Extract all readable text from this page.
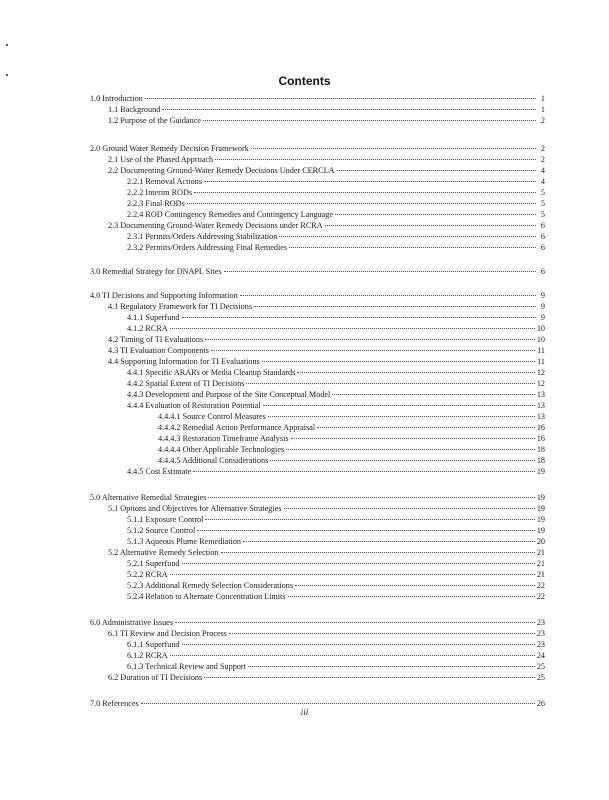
Contents
1.0 Introduction	1
1.1 Background	1
1.2 Purpose of the Guidance	2
2.0 Ground Water Remedy Decision Framework	2
2.1 Use of the Phased Approach	2
2.2 Documenting Ground-Water Remedy Decisions Under CERCLA	4
2.2.1 Removal Actions	4
2.2.2 Interim RODs	5
2.2.3 Final RODs	5
2.2.4 ROD Contingency Remedies and Contingency Language	5
2.3 Documenting Ground-Water Remedy Decisions under RCRA	6
2.3.1 Permits/Orders Addressing Stabilization	6
2.3.2 Permits/Orders Addressing Final Remedies	6
3.0 Remedial Strategy for DNAPL Sites	6
4.0 TI Decisions and Supporting Information	9
4.1 Regulatory Framework for TI Decisions	9
4.1.1 Superfund	9
4.1.2 RCRA	10
4.2 Timing of TI Evaluations	10
4.3 TI Evaluation Components	11
4.4 Supporting Information for TI Evaluations	11
4.4.1 Specific ARARs or Media Cleanup Standards	12
4.4.2 Spatial Extent of TI Decisions	12
4.4.3 Development and Purpose of the Site Conceptual Model	13
4.4.4 Evaluation of Restoration Potential	13
4.4.4.1 Source Control Measures	13
4.4.4.2 Remedial Action Performance Appraisal	16
4.4.4.3 Restoration Timeframe Analysis	16
4.4.4.4 Other Applicable Technologies	18
4.4.4.5 Additional Considerations	18
4.4.5 Cost Estimate	19
5.0 Alternative Remedial Strategies	19
5.1 Options and Objectives for Alternative Strategies	19
5.1.1 Exposure Control	19
5.1.2 Source Control	19
5.1.3 Aqueous Plume Remediation	20
5.2 Alternative Remedy Selection	21
5.2.1 Superfund	21
5.2.2 RCRA	21
5.2.3 Additional Remedy Selection Considerations	22
5.2.4 Relation to Alternate Concentration Limits	22
6.0 Administrative Issues	23
6.1 TI Review and Decision Process	23
6.1.1 Superfund	23
6.1.2 RCRA	24
6.1.3 Technical Review and Support	25
6.2 Duration of TI Decisions	25
7.0 References	26
iii
